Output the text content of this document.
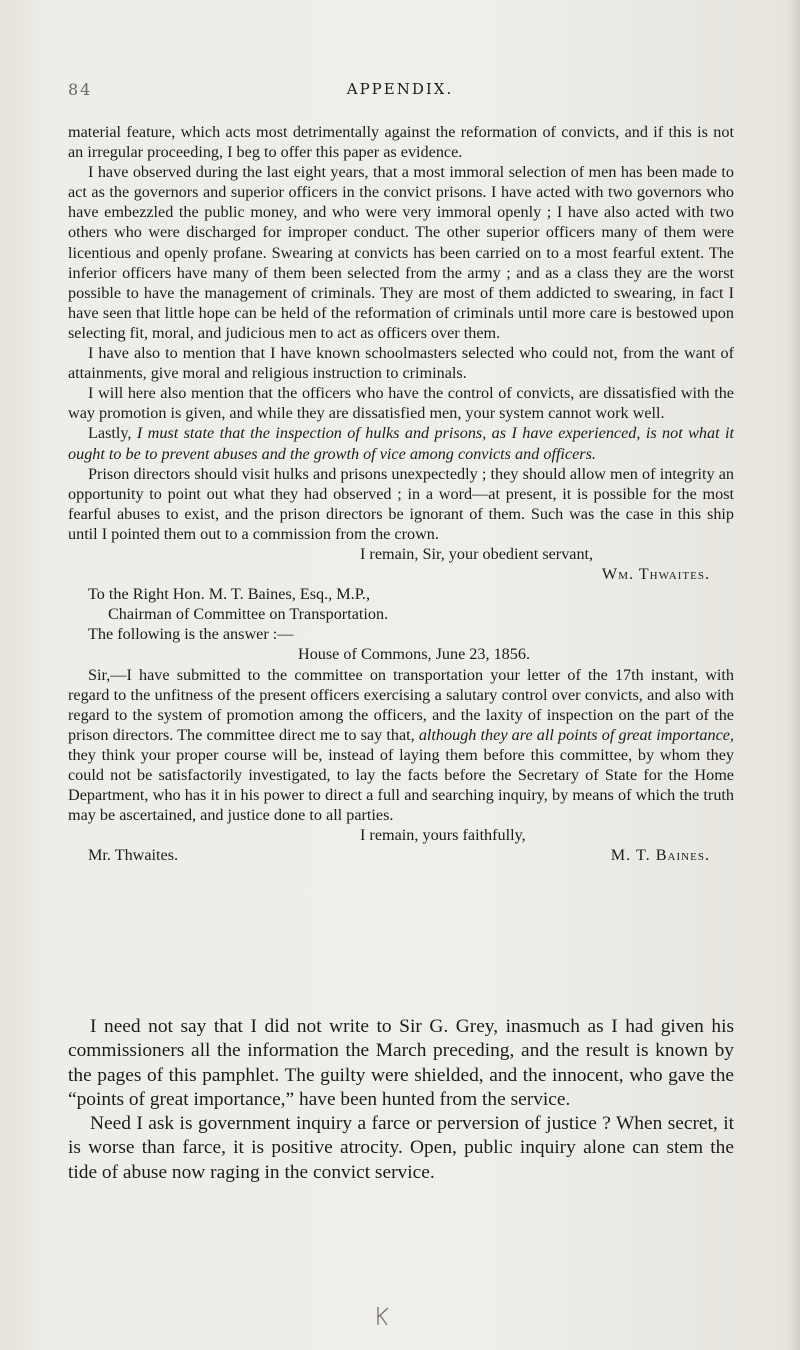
84	APPENDIX.

material feature, which acts most detrimentally against the reformation of convicts, and if this is not an irregular proceeding, I beg to offer this paper as evidence.

I have observed during the last eight years, that a most immoral selection of men has been made to act as the governors and superior officers in the convict prisons. I have acted with two governors who have embezzled the public money, and who were very immoral openly ; I have also acted with two others who were discharged for improper conduct. The other superior officers many of them were licentious and openly profane. Swearing at convicts has been carried on to a most fearful extent. The inferior officers have many of them been selected from the army ; and as a class they are the worst possible to have the management of criminals. They are most of them addicted to swearing, in fact I have seen that little hope can be held of the reformation of criminals until more care is bestowed upon selecting fit, moral, and judicious men to act as officers over them.

I have also to mention that I have known schoolmasters selected who could not, from the want of attainments, give moral and religious instruction to criminals.

I will here also mention that the officers who have the control of convicts, are dissatisfied with the way promotion is given, and while they are dissatisfied men, your system cannot work well.

Lastly, I must state that the inspection of hulks and prisons, as I have experienced, is not what it ought to be to prevent abuses and the growth of vice among convicts and officers.

Prison directors should visit hulks and prisons unexpectedly ; they should allow men of integrity an opportunity to point out what they had observed ; in a word—at present, it is possible for the most fearful abuses to exist, and the prison directors be ignorant of them. Such was the case in this ship until I pointed them out to a commission from the crown.

I remain, Sir, your obedient servant,

Wm. Thwaites.

To the Right Hon. M. T. Baines, Esq., M.P.,

Chairman of Committee on Transportation.

The following is the answer :—

House of Commons, June 23, 1856.

Sir,—I have submitted to the committee on transportation your letter of the 17th instant, with regard to the unfitness of the present officers exercising a salutary control over convicts, and also with regard to the system of promotion among the officers, and the laxity of inspection on the part of the prison directors. The committee direct me to say that, although they are all points of great importance, they think your proper course will be, instead of laying them before this committee, by whom they could not be satisfactorily investigated, to lay the facts before the Secretary of State for the Home Department, who has it in his power to direct a full and searching inquiry, by means of which the truth may be ascertained, and justice done to all parties.

I remain, yours faithfully,

Mr. Thwaites.	M. T. Baines.

I need not say that I did not write to Sir G. Grey, inasmuch as I had given his commissioners all the information the March preceding, and the result is known by the pages of this pamphlet. The guilty were shielded, and the innocent, who gave the “points of great importance,” have been hunted from the service.

Need I ask is government inquiry a farce or perversion of justice ? When secret, it is worse than farce, it is positive atrocity. Open, public inquiry alone can stem the tide of abuse now raging in the convict service.
